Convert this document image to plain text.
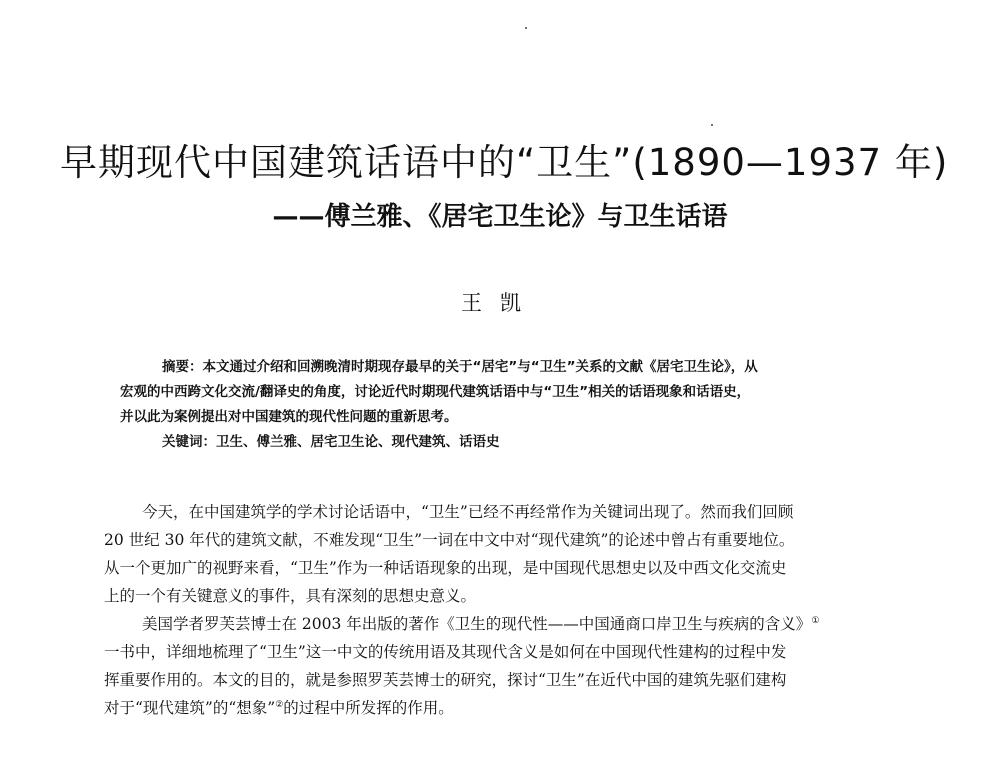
早期现代中国建筑话语中的“卫生”(1890—1937 年)
——傅兰雅、《居宅卫生论》与卫生话语
王凯
摘要：本文通过介绍和回溯晚清时期现存最早的关于“居宅”与“卫生”关系的文献《居宅卫生论》，从
宏观的中西跨文化交流/翻译史的角度，讨论近代时期现代建筑话语中与“卫生”相关的话语现象和话语史，
并以此为案例提出对中国建筑的现代性问题的重新思考。
关键词：卫生、傅兰雅、居宅卫生论、现代建筑、话语史
今天，在中国建筑学的学术讨论话语中，“卫生”已经不再经常作为关键词出现了。然而我们回顾
20 世纪 30 年代的建筑文献，不难发现“卫生”一词在中文中对“现代建筑”的论述中曾占有重要地位。
从一个更加广的视野来看，“卫生”作为一种话语现象的出现，是中国现代思想史以及中西文化交流史
上的一个有关键意义的事件，具有深刻的思想史意义。
美国学者罗芙芸博士在 2003 年出版的著作《卫生的现代性——中国通商口岸卫生与疾病的含义》①
一书中，详细地梳理了“卫生”这一中文的传统用语及其现代含义是如何在中国现代性建构的过程中发
挥重要作用的。本文的目的，就是参照罗芙芸博士的研究，探讨“卫生”在近代中国的建筑先驱们建构
对于“现代建筑”的“想象”②的过程中所发挥的作用。
